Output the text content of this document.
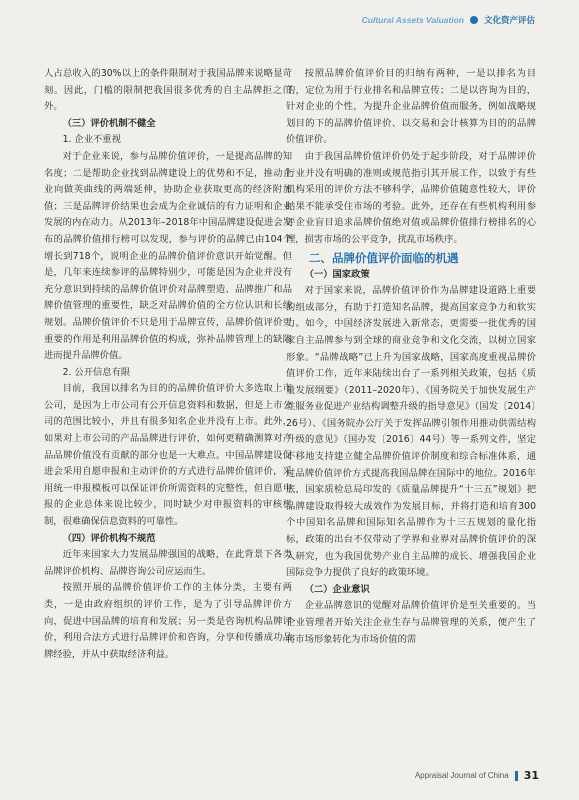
Cultural Assets Valuation 文化资产评估

人占总收入的30%以上的条件限制对于我国品牌来说略显苛刻。因此，门槛的限制把我国很多优秀的自主品牌拒之门外。

（三）评价机制不健全

1. 企业不重视

对于企业来说，参与品牌价值评价，一是提高品牌的知名度；二是帮助企业找到品牌建设上的优势和不足，推动企业向做英曲线的两端延伸，协助企业获取更高的经济附加值；三是品牌评价结果也会成为企业诚信的有力证明和企业发展的内在动力。从2013年–2018年中国品牌建设促进会发布的品牌价值排行榜可以发现，参与评价的品牌已由104个增长到718个，说明企业的品牌价值评价意识开始觉醒。但是，几年来连续参评的品牌特别少，可能是因为企业并没有充分意识到持续的品牌价值评价对品牌塑造、品牌推广和品牌价值管理的重要性，缺乏对品牌价值的全方位认识和长线规划。品牌价值评价不只是用于品牌宣传，品牌价值评价更重要的作用是利用品牌价值的构成，弥补品牌管理上的缺陷进而提升品牌价值。

2. 公开信息有限

目前，我国以排名为目的的品牌价值评价大多选取上市公司，是因为上市公司有公开信息资料和数据，但是上市公司的范围比较小，并且有很多知名企业并没有上市。此外，如果对上市公司的产品品牌进行评价，如何更精确测算对产品品牌价值没有贡献的部分也是一大难点。中国品牌建设促进会采用自愿申报和主动评价的方式进行品牌价值评价，采用统一申报模板可以保证评价所需资料的完整性，但自愿申报的企业总体来说比较少，同时缺少对申报资料的审核机制，很难确保信息资料的可靠性。

（四）评价机构不规范

近年来国家大力发展品牌强国的战略，在此背景下各类品牌评价机构、品牌咨询公司应运而生。

按照开展的品牌价值评价工作的主体分类，主要有两类，一是由政府组织的评价工作，是为了引导品牌评价方向，促进中国品牌的培育和发展；另一类是咨询机构品牌评价，利用合法方式进行品牌评价和咨询，分享和传播成功品牌经验，并从中获取经济利益。

按照品牌价值评价目的归纳有两种，一是以排名为目的，定位为用于行业排名和品牌宣传；二是以咨询为目的，针对企业的个性，为提升企业品牌价值而服务，例如战略规划目的下的品牌价值评价、以交易和会计核算为目的的品牌价值评价。

由于我国品牌价值评价仍处于起步阶段，对于品牌评价行业并没有明确的准则或规范指引其开展工作，以致于有些机构采用的评价方法不够科学，品牌价值随意性较大，评价结果不能承受住市场的考验。此外，还存在有些机构利用参评企业盲目追求品牌价值绝对值或品牌价值排行榜排名的心理，损害市场的公平竞争，扰乱市场秩序。

二、品牌价值评价面临的机遇

（一）国家政策

对于国家来说，品牌价值评价作为品牌建设道路上重要的组成部分，有助于打造知名品牌，提高国家竞争力和软实力。如今，中国经济发展进入新常态，更需要一批优秀的国家自主品牌参与到全球的商业竞争和文化交流，以树立国家形象。“品牌战略”已上升为国家战略，国家高度重视品牌价值评价工作，近年来陆续出台了一系列相关政策，包括《质量发展纲要》（2011–2020年）、《国务院关于加快发展生产性服务业促进产业结构调整升级的指导意见》（国发〔2014〕26号）、《国务院办公厅关于发挥品牌引领作用推动供需结构升级的意见》（国办发〔2016〕44号）等一系列文件，坚定不移地支持建立健全品牌价值评价制度和综合标准体系，通过品牌价值评价方式提高我国品牌在国际中的地位。2016年底，国家质检总局印发的《质量品牌提升“十三五”规划》把品牌建设取得较大成效作为发展目标，并将打造和培育300个中国知名品牌和国际知名品牌作为十三五规划的量化指标，政策的出台不仅带动了学界和业界对品牌价值评价的深入研究，也为我国优势产业自主品牌的成长、增强我国企业国际竞争力提供了良好的政策环境。

（二）企业意识

企业品牌意识的觉醒对品牌价值评价是至关重要的。当企业管理者开始关注企业生存与品牌管理的关系，便产生了将市场形象转化为市场价值的需

Appraisal Journal of China 31
